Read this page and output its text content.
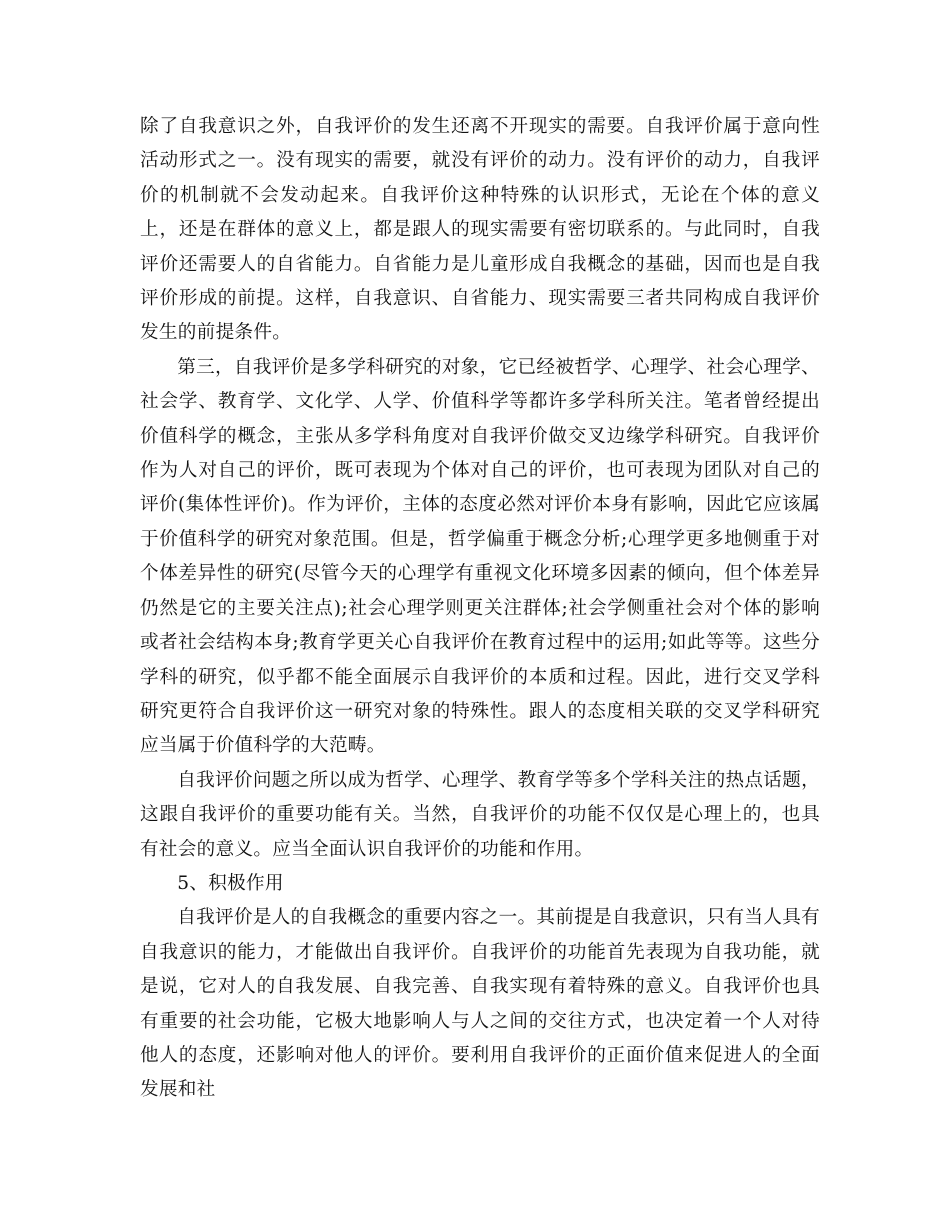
除了自我意识之外，自我评价的发生还离不开现实的需要。自我评价属于意向性活动形式之一。没有现实的需要，就没有评价的动力。没有评价的动力，自我评价的机制就不会发动起来。自我评价这种特殊的认识形式，无论在个体的意义上，还是在群体的意义上，都是跟人的现实需要有密切联系的。与此同时，自我评价还需要人的自省能力。自省能力是儿童形成自我概念的基础，因而也是自我评价形成的前提。这样，自我意识、自省能力、现实需要三者共同构成自我评价发生的前提条件。

第三，自我评价是多学科研究的对象，它已经被哲学、心理学、社会心理学、社会学、教育学、文化学、人学、价值科学等都许多学科所关注。笔者曾经提出价值科学的概念，主张从多学科角度对自我评价做交叉边缘学科研究。自我评价作为人对自己的评价，既可表现为个体对自己的评价，也可表现为团队对自己的评价(集体性评价)。作为评价，主体的态度必然对评价本身有影响，因此它应该属于价值科学的研究对象范围。但是，哲学偏重于概念分析;心理学更多地侧重于对个体差异性的研究(尽管今天的心理学有重视文化环境多因素的倾向，但个体差异仍然是它的主要关注点);社会心理学则更关注群体;社会学侧重社会对个体的影响或者社会结构本身;教育学更关心自我评价在教育过程中的运用;如此等等。这些分学科的研究，似乎都不能全面展示自我评价的本质和过程。因此，进行交叉学科研究更符合自我评价这一研究对象的特殊性。跟人的态度相关联的交叉学科研究应当属于价值科学的大范畴。

自我评价问题之所以成为哲学、心理学、教育学等多个学科关注的热点话题，这跟自我评价的重要功能有关。当然，自我评价的功能不仅仅是心理上的，也具有社会的意义。应当全面认识自我评价的功能和作用。

5、积极作用

自我评价是人的自我概念的重要内容之一。其前提是自我意识，只有当人具有自我意识的能力，才能做出自我评价。自我评价的功能首先表现为自我功能，就是说，它对人的自我发展、自我完善、自我实现有着特殊的意义。自我评价也具有重要的社会功能，它极大地影响人与人之间的交往方式，也决定着一个人对待他人的态度，还影响对他人的评价。要利用自我评价的正面价值来促进人的全面发展和社
